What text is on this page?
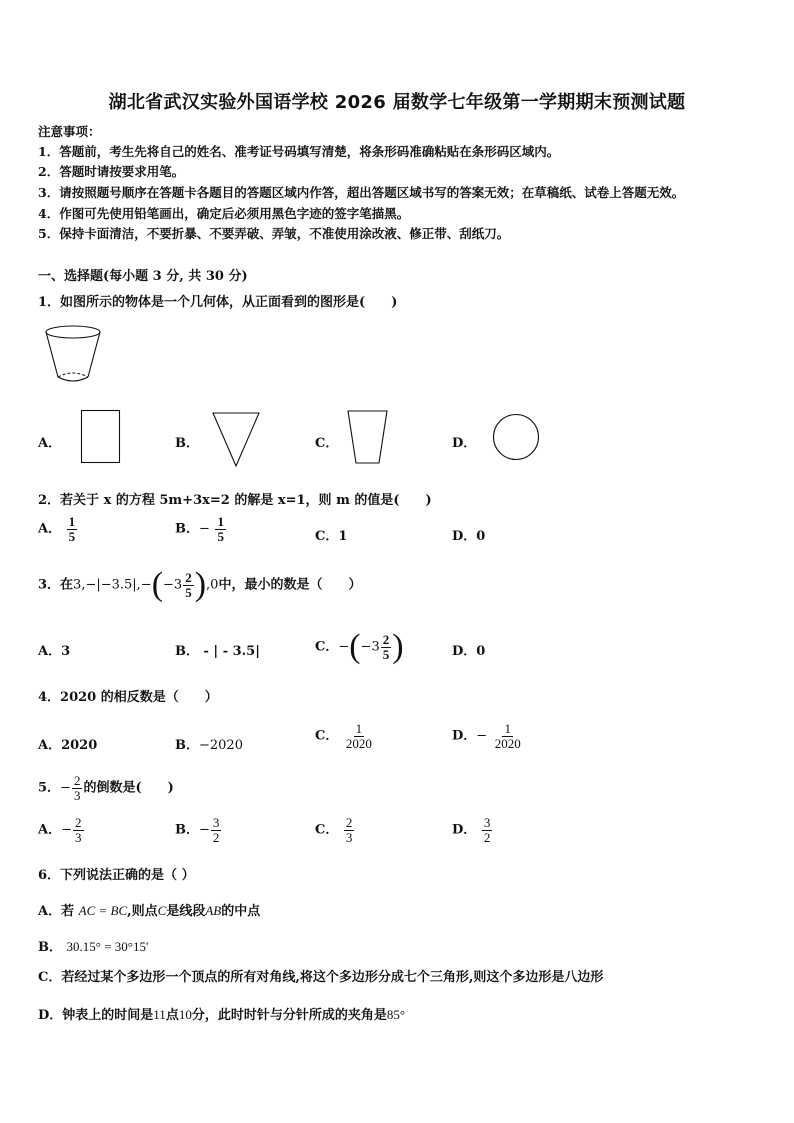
湖北省武汉实验外国语学校 2026 届数学七年级第一学期期末预测试题
注意事项：
1．答题前，考生先将自己的姓名、准考证号码填写清楚，将条形码准确粘贴在条形码区域内。
2．答题时请按要求用笔。
3．请按照题号顺序在答题卡各题目的答题区域内作答，超出答题区域书写的答案无效；在草稿纸、试卷上答题无效。
4．作图可先使用铅笔画出，确定后必须用黑色字迹的签字笔描黑。
5．保持卡面清洁，不要折暴、不要弄破、弄皱，不准使用涂改液、修正带、刮纸刀。
一、选择题(每小题 3 分, 共 30 分)
1．如图所示的物体是一个几何体，从正面看到的图形是(　　)
A．	B．	C．	D．
2．若关于 x 的方程 5m+3x=2 的解是 x=1，则 m 的值是(　　)
A． $\frac{1}{5}$	B．− $\frac{1}{5}$	C．1	D．0
3．在$3,-|-3.5|,-(-3 \frac{2}{5} ),0$中，最小的数是（　　）
A．3	B． - | - 3.5|	C．$-(-3 \frac{2}{5}$ )	D．0
4．2020 的相反数是（　　）
A．2020	B．−2020
C． $\frac{1}{2020}$	D．− $\frac{1}{2020}$
5．− $\frac{2}{3}$ 的倒数是(　　)
A．− $\frac{2}{3}$	B．− $\frac{3}{2}$	C． $\frac{2}{3}$	D． $\frac{3}{2}$
6．下列说法正确的是（ ）
A．若 AC = BC,则点C是线段AB的中点
B． 30.15° = 30°15'
C．若经过某个多边形一个顶点的所有对角线,将这个多边形分成七个三角形,则这个多边形是八边形
D．钟表上的时间是11点10分，此时时针与分针所成的夹角是85°
